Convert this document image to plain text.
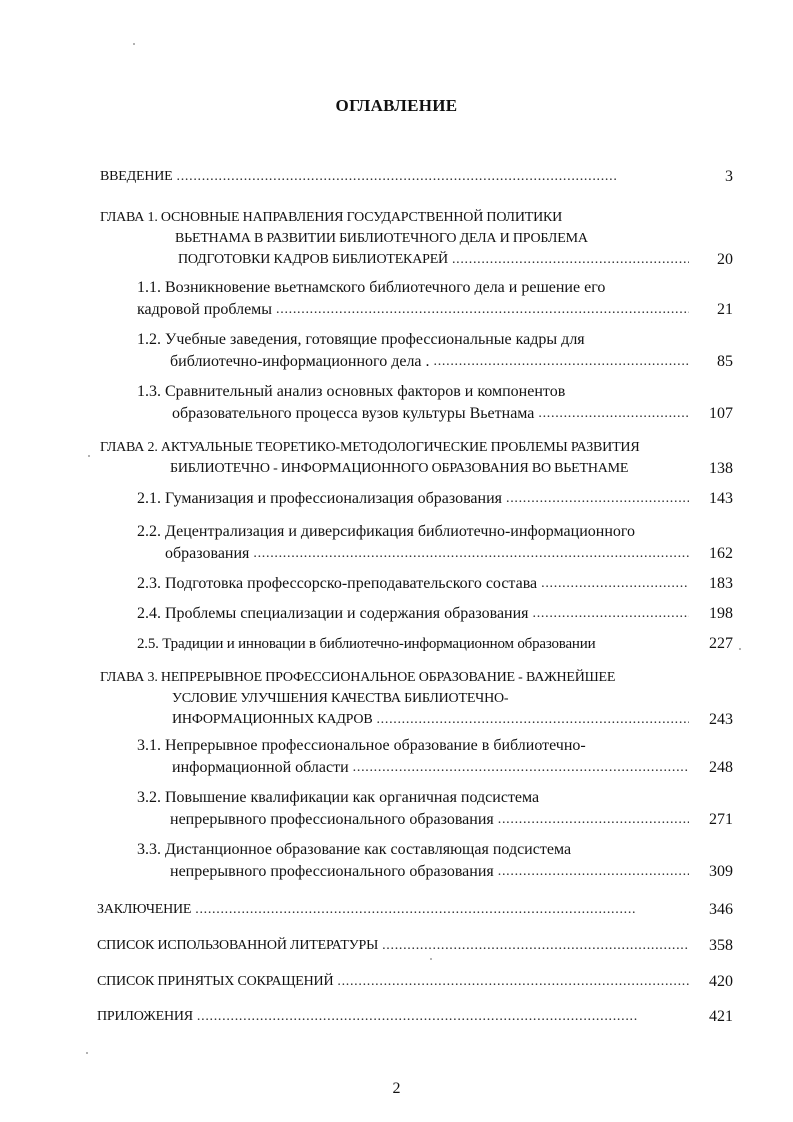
ОГЛАВЛЕНИЕ
ВВЕДЕНИЕ . . .	3
ГЛАВА 1. ОСНОВНЫЕ НАПРАВЛЕНИЯ ГОСУДАРСТВЕННОЙ ПОЛИТИКИ
ВЬЕТНАМА В РАЗВИТИИ БИБЛИОТЕЧНОГО ДЕЛА И ПРОБЛЕМА
ПОДГОТОВКИ КАДРОВ БИБЛИОТЕКАРЕЙ . . .	20
1.1. Возникновение вьетнамского библиотечного дела и решение его
кадровой проблемы . . .	21
1.2. Учебные заведения, готовящие профессиональные кадры для
библиотечно-информационного дела . . . .	85
1.3. Сравнительный анализ основных факторов и компонентов
образовательного процесса вузов культуры Вьетнама . . .	107
ГЛАВА 2. АКТУАЛЬНЫЕ ТЕОРЕТИКО-МЕТОДОЛОГИЧЕСКИЕ ПРОБЛЕМЫ РАЗВИТИЯ
БИБЛИОТЕЧНО - ИНФОРМАЦИОННОГО ОБРАЗОВАНИЯ ВО ВЬЕТНАМЕ	138
2.1. Гуманизация и профессионализация образования . . .	143
2.2. Децентрализация и диверсификация библиотечно-информационного
образования . . .	162
2.3. Подготовка профессорско-преподавательского состава . . .	183
2.4. Проблемы специализации и содержания образования . . .	198
2.5. Традиции и инновации в библиотечно-информационном образовании	227
ГЛАВА 3. НЕПРЕРЫВНОЕ ПРОФЕССИОНАЛЬНОЕ ОБРАЗОВАНИЕ - ВАЖНЕЙШЕЕ
УСЛОВИЕ УЛУЧШЕНИЯ КАЧЕСТВА БИБЛИОТЕЧНО-
ИНФОРМАЦИОННЫХ КАДРОВ . . .	243
3.1. Непрерывное профессиональное образование в библиотечно-
информационной области . . .	248
3.2. Повышение квалификации как органичная подсистема
непрерывного профессионального образования . . .	271
3.3. Дистанционное образование как составляющая подсистема
непрерывного профессионального образования . . .	309
ЗАКЛЮЧЕНИЕ . . .	346
СПИСОК ИСПОЛЬЗОВАННОЙ ЛИТЕРАТУРЫ . . .	358
СПИСОК ПРИНЯТЫХ СОКРАЩЕНИЙ . . .	420
ПРИЛОЖЕНИЯ . . .	421
2
